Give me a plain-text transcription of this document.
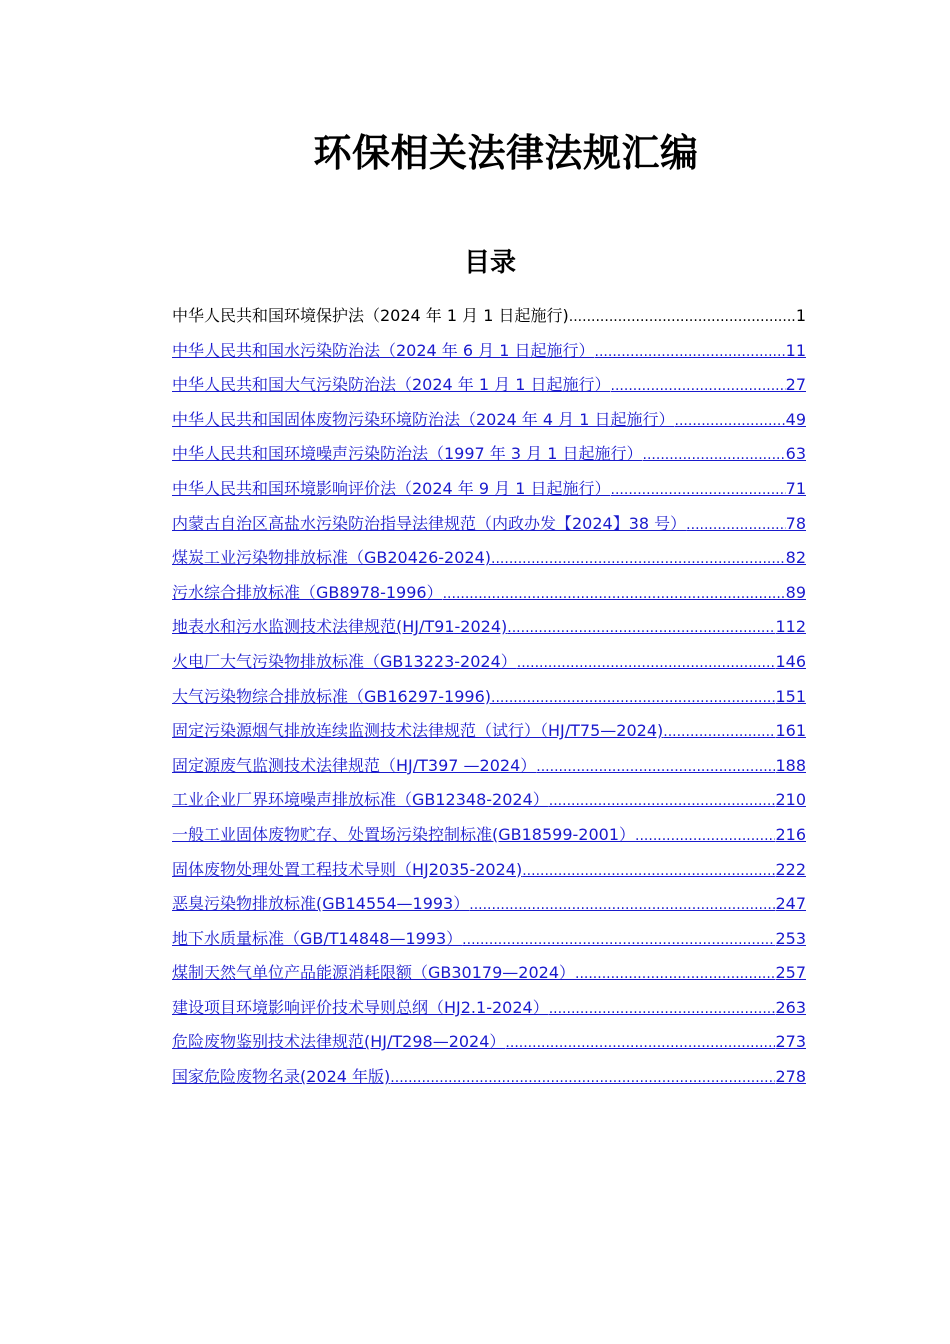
环保相关法律法规汇编
目录
中华人民共和国环境保护法（2024 年 1 月 1 日起施行) .....	1
中华人民共和国水污染防治法（2024 年 6 月 1 日起施行） .....	11
中华人民共和国大气污染防治法（2024 年 1 月 1 日起施行） .....	27
中华人民共和国固体废物污染环境防治法（2024 年 4 月 1 日起施行） .....	49
中华人民共和国环境噪声污染防治法（1997 年 3 月 1 日起施行） .....	63
中华人民共和国环境影响评价法（2024 年 9 月 1 日起施行） .....	71
内蒙古自治区高盐水污染防治指导法律规范（内政办发【2024】38 号） .....	78
煤炭工业污染物排放标准（GB20426-2024) .....	82
污水综合排放标准（GB8978-1996） .....	89
地表水和污水监测技术法律规范(HJ/T91-2024) .....	112
火电厂大气污染物排放标准（GB13223-2024） .....	146
大气污染物综合排放标准（GB16297-1996) .....	151
固定污染源烟气排放连续监测技术法律规范（试行）（HJ/T75—2024) .....	161
固定源废气监测技术法律规范（HJ/T397 —2024） .....	188
工业企业厂界环境噪声排放标准（GB12348-2024） .....	210
一般工业固体废物贮存、处置场污染控制标准(GB18599-2001） .....	216
固体废物处理处置工程技术导则（HJ2035-2024) .....	222
恶臭污染物排放标准(GB14554—1993） .....	247
地下水质量标准（GB/T14848—1993） .....	253
煤制天然气单位产品能源消耗限额（GB30179—2024） .....	257
建设项目环境影响评价技术导则总纲（HJ2.1-2024） .....	263
危险废物鉴别技术法律规范(HJ/T298—2024） .....	273
国家危险废物名录(2024 年版) .....	278
